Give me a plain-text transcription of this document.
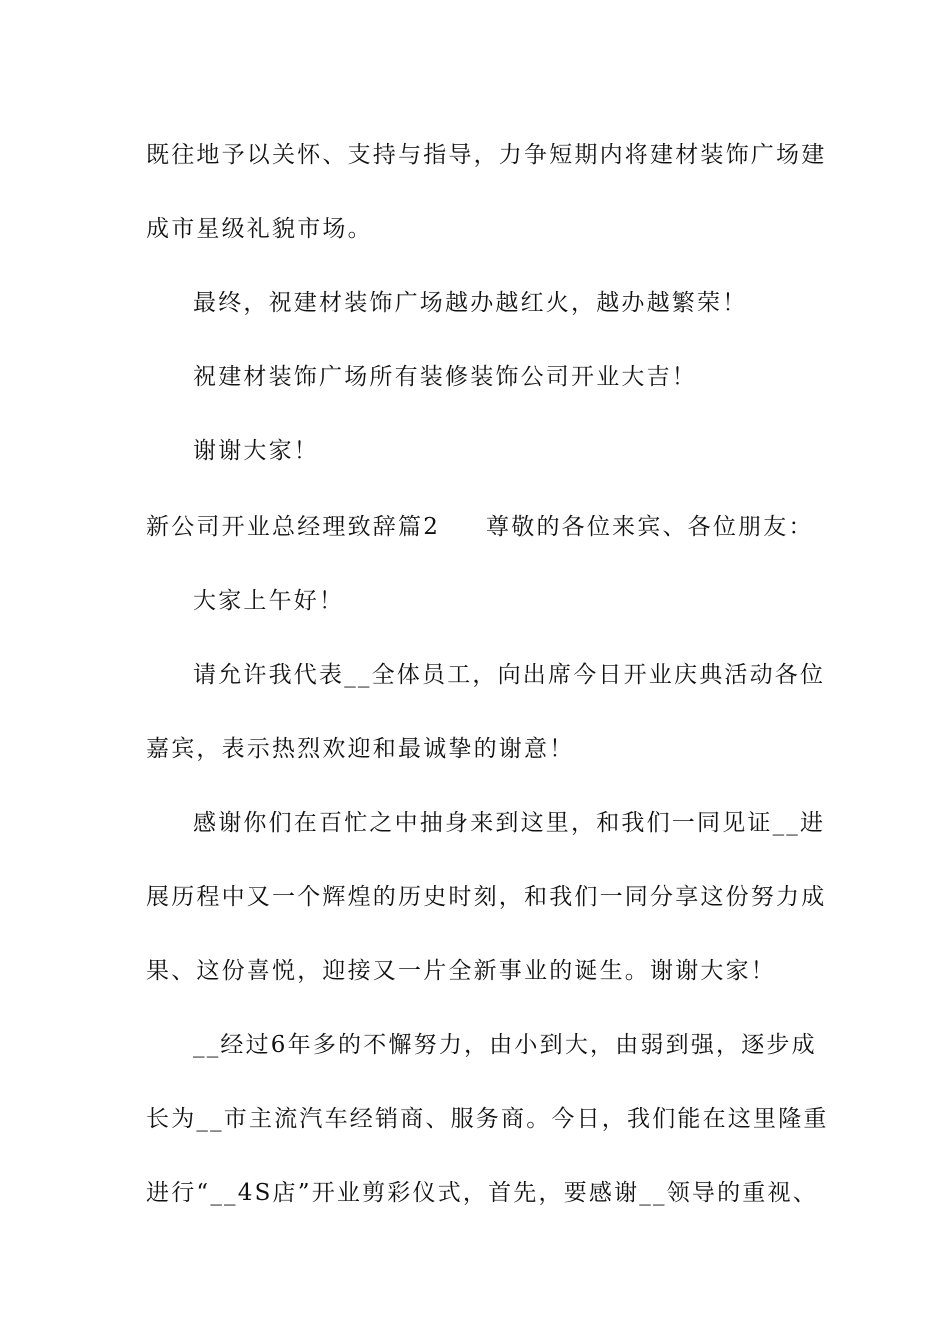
既往地予以关怀、支持与指导，力争短期内将建材装饰广场建
成市星级礼貌市场。
最终，祝建材装饰广场越办越红火，越办越繁荣！
祝建材装饰广场所有装修装饰公司开业大吉！
谢谢大家！
新公司开业总经理致辞篇2 尊敬的各位来宾、各位朋友：
大家上午好！
请允许我代表__全体员工，向出席今日开业庆典活动各位
嘉宾，表示热烈欢迎和最诚挚的谢意！
感谢你们在百忙之中抽身来到这里，和我们一同见证__进
展历程中又一个辉煌的历史时刻，和我们一同分享这份努力成
果、这份喜悦，迎接又一片全新事业的诞生。谢谢大家！
__经过6年多的不懈努力，由小到大，由弱到强，逐步成
长为__市主流汽车经销商、服务商。今日，我们能在这里隆重
进行“__4S店”开业剪彩仪式，首先，要感谢__领导的重视、
